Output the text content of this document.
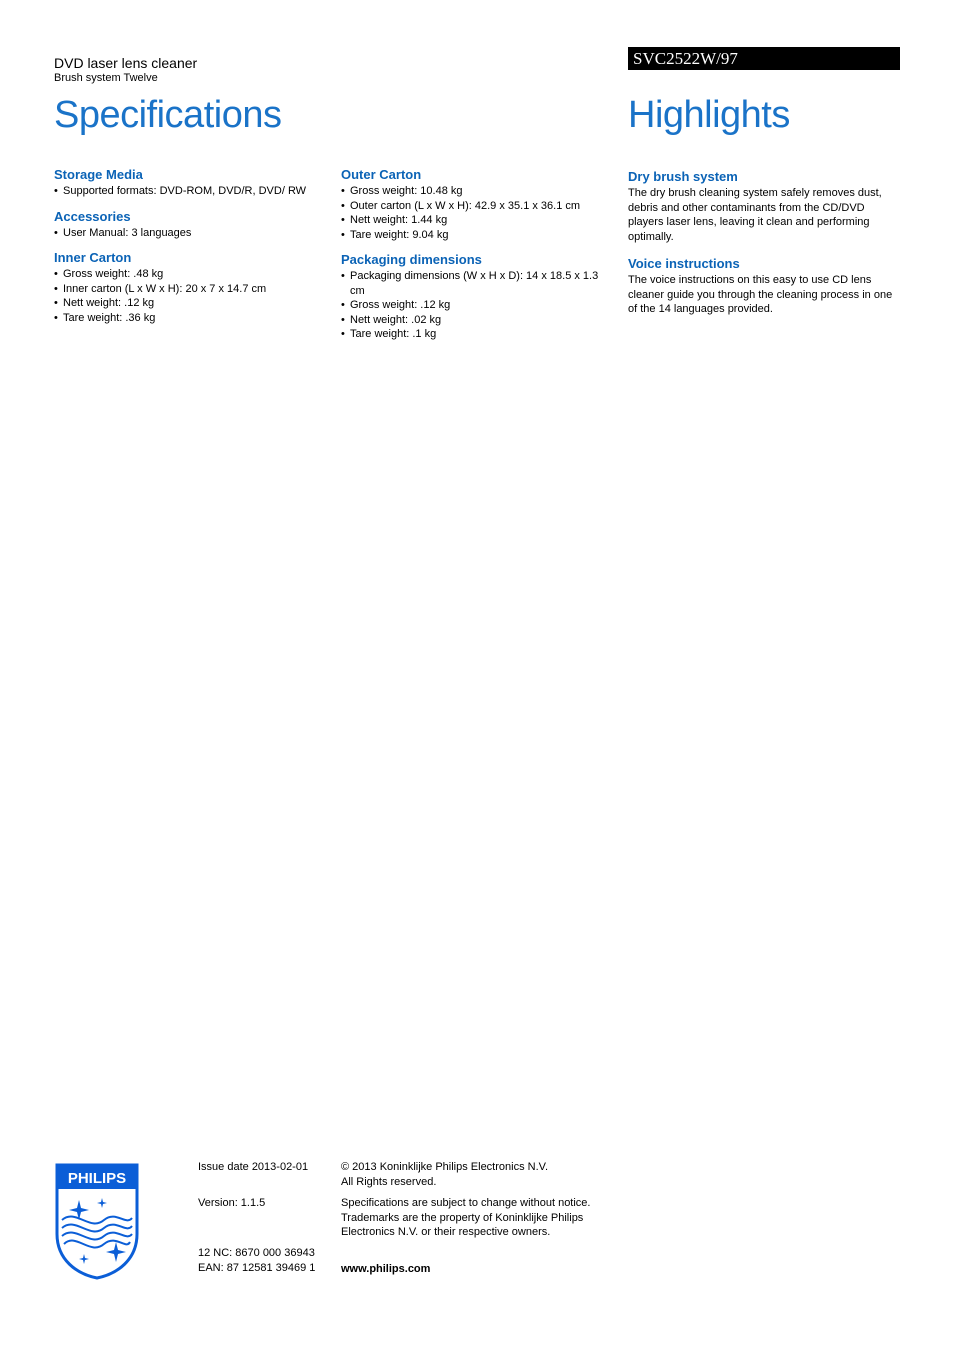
DVD laser lens cleaner
Brush system Twelve
Specifications	Highlights
SVC2522W/97
Storage Media
• Supported formats: DVD-ROM, DVD/R, DVD/ RW
Accessories
• User Manual: 3 languages
Inner Carton
• Gross weight: .48 kg
• Inner carton (L x W x H): 20 x 7 x 14.7 cm
• Nett weight: .12 kg
• Tare weight: .36 kg
Outer Carton
• Gross weight: 10.48 kg
• Outer carton (L x W x H): 42.9 x 35.1 x 36.1 cm
• Nett weight: 1.44 kg
• Tare weight: 9.04 kg
Packaging dimensions
• Packaging dimensions (W x H x D): 14 x 18.5 x 1.3 cm
• Gross weight: .12 kg
• Nett weight: .02 kg
• Tare weight: .1 kg
Dry brush system

The dry brush cleaning system safely removes dust, debris and other contaminants from the CD/DVD players laser lens, leaving it clean and performing optimally.

Voice instructions

The voice instructions on this easy to use CD lens cleaner guide you through the cleaning process in one of the 14 languages provided.

PHILIPS

Issue date 2013-02-01

Version: 1.1.5

12 NC: 8670 000 36943

EAN: 87 12581 39469 1

© 2013 Koninklijke Philips Electronics N.V.

All Rights reserved.

Specifications are subject to change without notice.

Trademarks are the property of Koninklijke Philips

Electronics N.V. or their respective owners.

www.philips.com
